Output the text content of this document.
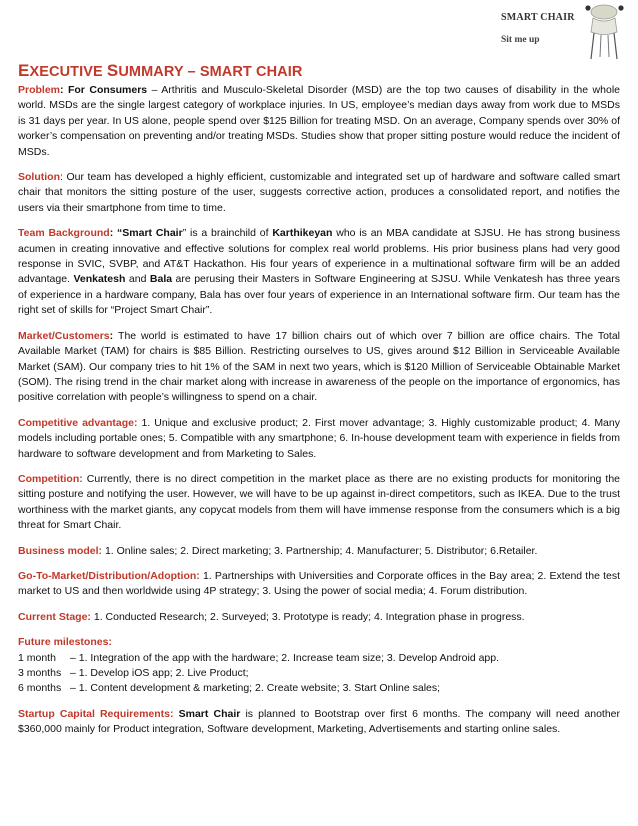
SMART CHAIR
Sit me up
EXECUTIVE SUMMARY – SMART CHAIR

Problem: For Consumers – Arthritis and Musculo-Skeletal Disorder (MSD) are the top two causes of disability in the whole world. MSDs are the single largest category of workplace injuries. In US, employee’s median days away from work due to MSDs is 31 days per year. In US alone, people spend over $125 Billion for treating MSD. On an average, Company spends over 30% of worker’s compensation on preventing and/or treating MSDs. Studies show that proper sitting posture would reduce the incident of MSDs.

Solution: Our team has developed a highly efficient, customizable and integrated set up of hardware and software called smart chair that monitors the sitting posture of the user, suggests corrective action, produces a consolidated report, and notifies the users via their smartphone from time to time.

Team Background: “Smart Chair” is a brainchild of Karthikeyan who is an MBA candidate at SJSU. He has strong business acumen in creating innovative and effective solutions for complex real world problems. His prior business plans had very good response in SVIC, SVBP, and AT&T Hackathon. His four years of experience in a multinational software firm will be an added advantage. Venkatesh and Bala are perusing their Masters in Software Engineering at SJSU. While Venkatesh has three years of experience in a hardware company, Bala has over four years of experience in an International software firm. Our team has the right set of skills for “Project Smart Chair”.

Market/Customers: The world is estimated to have 17 billion chairs out of which over 7 billion are office chairs. The Total Available Market (TAM) for chairs is $85 Billion. Restricting ourselves to US, gives around $12 Billion in Serviceable Available Market (SAM). Our company tries to hit 1% of the SAM in next two years, which is $120 Million of Serviceable Obtainable Market (SOM). The rising trend in the chair market along with increase in awareness of the people on the importance of ergonomics, has positive correlation with people’s willingness to spend on a chair.

Competitive advantage: 1. Unique and exclusive product; 2. First mover advantage; 3. Highly customizable product; 4. Many models including portable ones; 5. Compatible with any smartphone; 6. In-house development team with experience in fields from hardware to software development and from Marketing to Sales.

Competition: Currently, there is no direct competition in the market place as there are no existing products for monitoring the sitting posture and notifying the user. However, we will have to be up against in-direct competitors, such as IKEA. Due to the trust worthiness with the market giants, any copycat models from them will have immense response from the consumers which is a big threat for Smart Chair.

Business model: 1. Online sales; 2. Direct marketing; 3. Partnership; 4. Manufacturer; 5. Distributor; 6.Retailer.

Go-To-Market/Distribution/Adoption: 1. Partnerships with Universities and Corporate offices in the Bay area; 2. Extend the test market to US and then worldwide using 4P strategy; 3. Using the power of social media; 4. Forum distribution.

Current Stage: 1. Conducted Research; 2. Surveyed; 3. Prototype is ready; 4. Integration phase in progress.

Future milestones:
1 month	– 1. Integration of the app with the hardware; 2. Increase team size; 3. Develop Android app.
3 months – 1. Develop iOS app; 2. Live Product;
6 months – 1. Content development & marketing; 2. Create website; 3. Start Online sales;

Startup Capital Requirements: Smart Chair is planned to Bootstrap over first 6 months. The company will need another $360,000 mainly for Product integration, Software development, Marketing, Advertisements and starting online sales.
